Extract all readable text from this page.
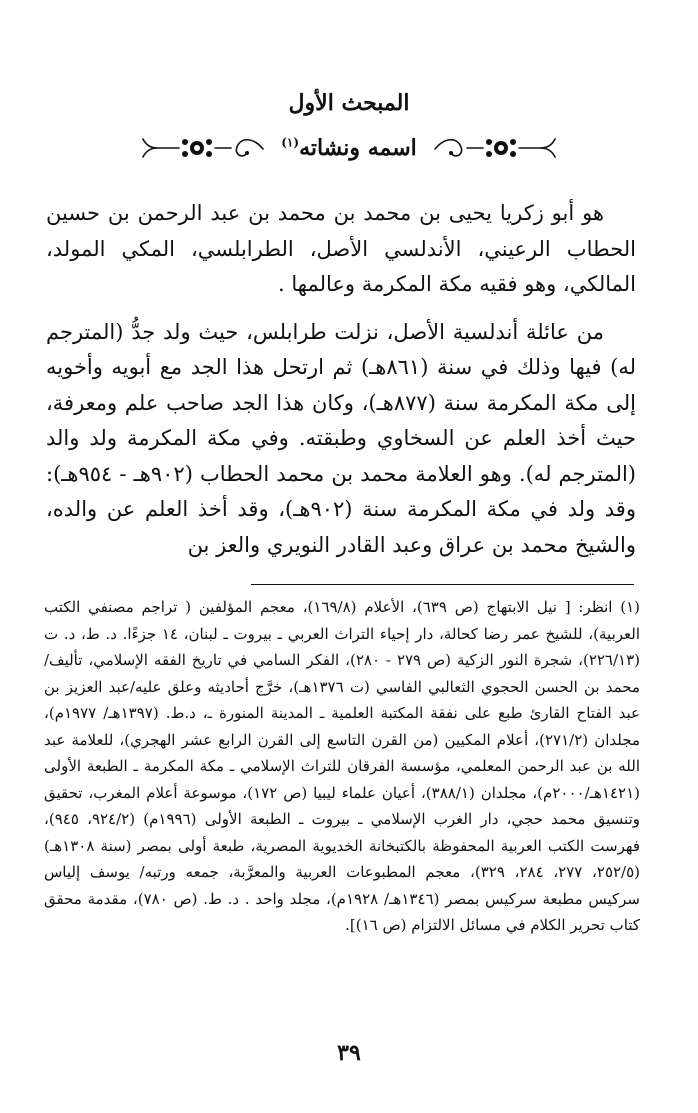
المبحث الأول
اسمه ونشاته$^{(١)}$

هو أبو زكريا يحيى بن محمد بن محمد بن عبد الرحمن بن حسين الحطاب الرعيني، الأندلسي الأصل، الطرابلسي، المكي المولد، المالكي، وهو فقيه مكة المكرمة وعالمها .

من عائلة أندلسية الأصل، نزلت طرابلس، حيث ولد جدُّ (المترجم له) فيها وذلك في سنة (٨٦١هـ) ثم ارتحل هذا الجد مع أبويه وأخويه إلى مكة المكرمة سنة (٨٧٧هـ)، وكان هذا الجد صاحب علم ومعرفة، حيث أخذ العلم عن السخاوي وطبقته. وفي مكة المكرمة ولد والد (المترجم له). وهو العلامة محمد بن محمد الحطاب (٩٠٢هـ - ٩٥٤هـ): وقد ولد في مكة المكرمة سنة (٩٠٢هـ)، وقد أخذ العلم عن والده، والشيخ محمد بن عراق وعبد القادر النويري والعز بن

(١) انظر: [ نيل الابتهاج (ص ٦٣٩)، الأعلام (١٦٩/٨)، معجم المؤلفين ( تراجم مصنفي الكتب العربية)، للشيخ عمر رضا كحالة، دار إحياء التراث العربي ـ بيروت ـ لبنان، ١٤ جزءًا. د. ط، د. ت (٢٢٦/١٣)، شجرة النور الزكية (ص ٢٧٩ - ٢٨٠)، الفكر السامي في تاريخ الفقه الإسلامي، تأليف/ محمد بن الحسن الحجوي الثعالبي الفاسي (ت ١٣٧٦هـ)، خرَّج أحاديثه وعلق عليه/عبد العزيز بن عبد الفتاح القارئ طبع على نفقة المكتبة العلمية ـ المدينة المنورة ـ، د.ط. (١٣٩٧هـ/ ١٩٧٧م)، مجلدان (٢٧١/٢)، أعلام المكيين (من القرن التاسع إلى القرن الرابع عشر الهجري)، للعلامة عبد الله بن عبد الرحمن المعلمي، مؤسسة الفرقان للتراث الإسلامي ـ مكة المكرمة ـ الطبعة الأولى (١٤٢١هـ/٢٠٠٠م)، مجلدان (٣٨٨/١)، أعيان علماء ليبيا (ص ١٧٢)، موسوعة أعلام المغرب، تحقيق وتنسيق محمد حجي، دار الغرب الإسلامي ـ بيروت ـ الطبعة الأولى (١٩٩٦م) (٩٢٤/٢، ٩٤٥)، فهرست الكتب العربية المحفوظة بالكتبخانة الخديوية المصرية، طبعة أولى بمصر (سنة ١٣٠٨هـ) (٢٥٢/٥، ٢٧٧، ٢٨٤، ٣٢٩)، معجم المطبوعات العربية والمعرَّبة، جمعه ورتبه/ يوسف إلياس سركيس مطبعة سركيس بمصر (١٣٤٦هـ/ ١٩٢٨م)، مجلد واحد . د. ط. (ص ٧٨٠)، مقدمة محقق كتاب تحرير الكلام في مسائل الالتزام (ص ١٦)].

٣٩
